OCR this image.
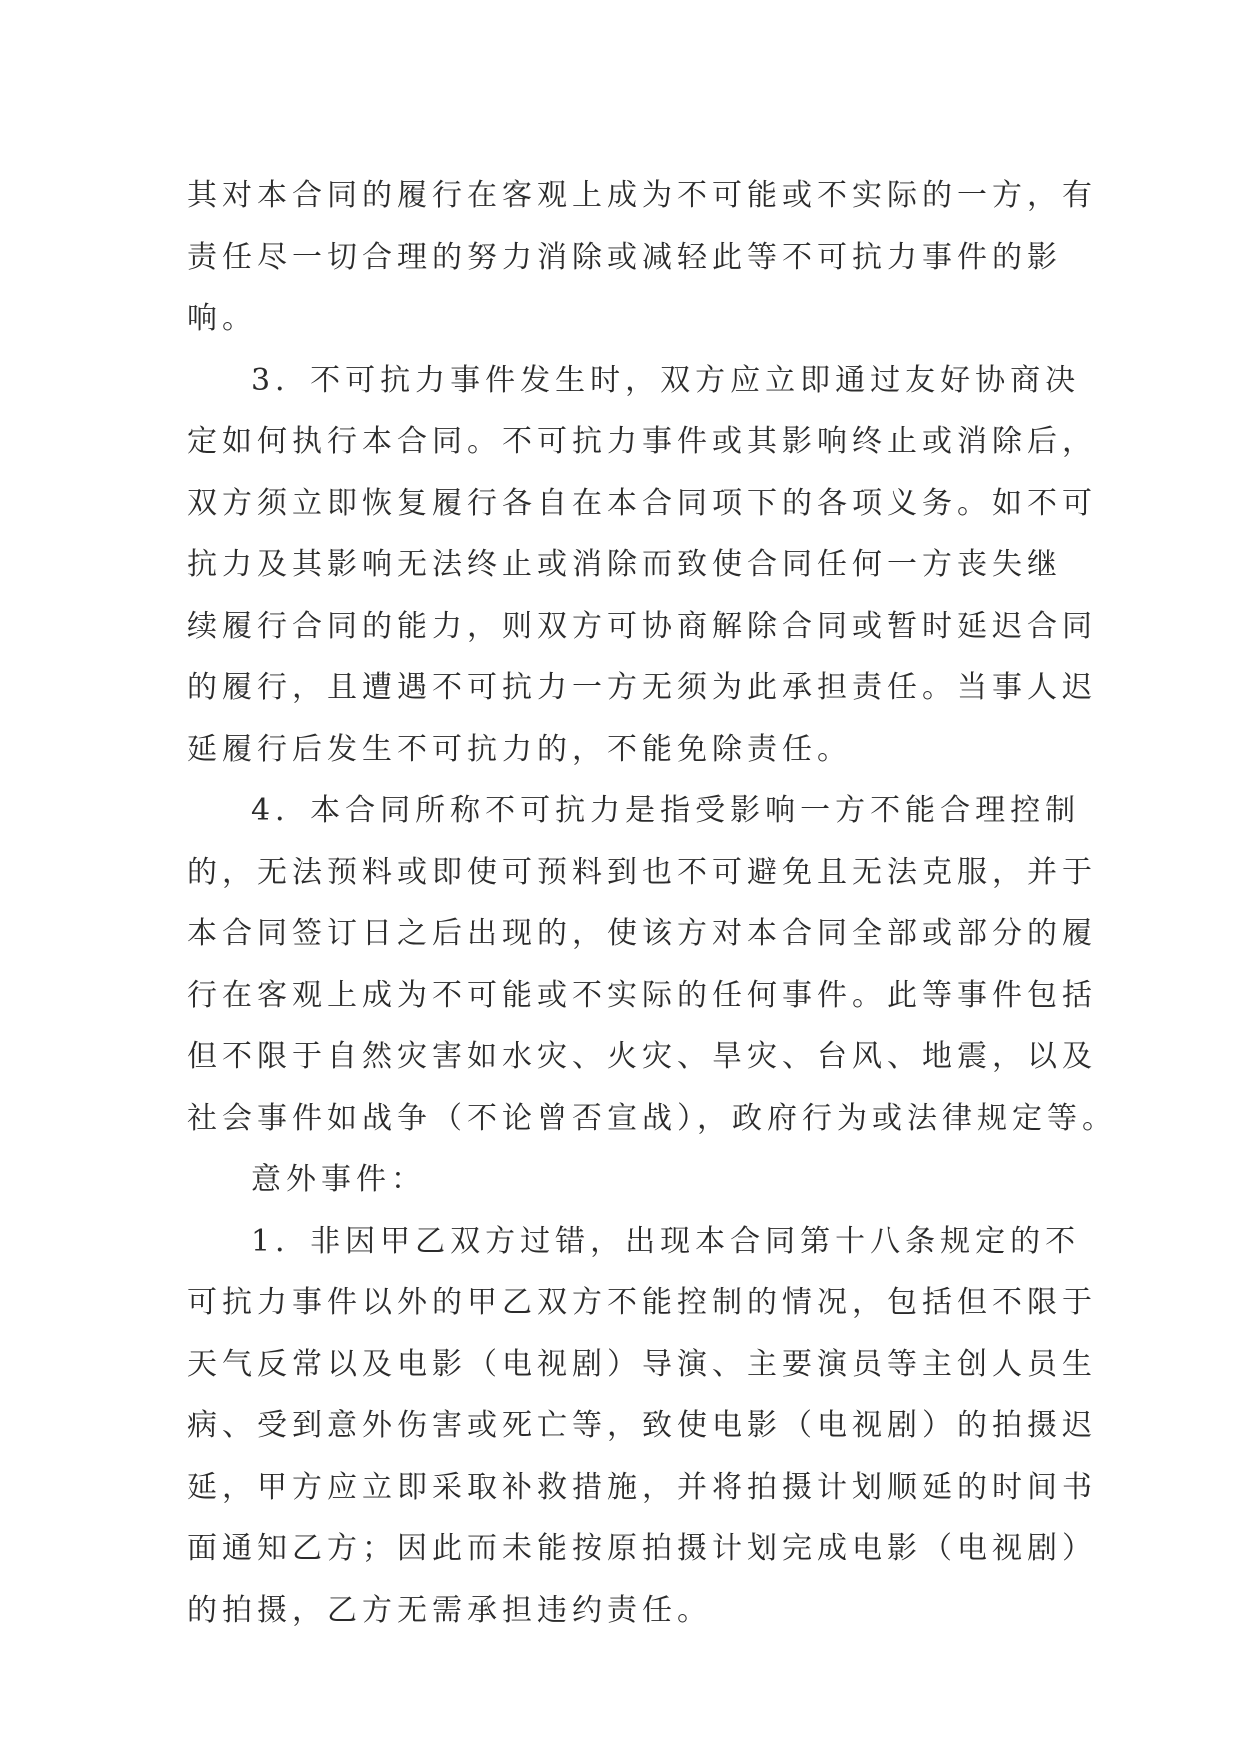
其对本合同的履行在客观上成为不可能或不实际的一方，有
责任尽一切合理的努力消除或减轻此等不可抗力事件的影
响。
3．不可抗力事件发生时，双方应立即通过友好协商决
定如何执行本合同。不可抗力事件或其影响终止或消除后，
双方须立即恢复履行各自在本合同项下的各项义务。如不可
抗力及其影响无法终止或消除而致使合同任何一方丧失继
续履行合同的能力，则双方可协商解除合同或暂时延迟合同
的履行，且遭遇不可抗力一方无须为此承担责任。当事人迟
延履行后发生不可抗力的，不能免除责任。
4．本合同所称不可抗力是指受影响一方不能合理控制
的，无法预料或即使可预料到也不可避免且无法克服，并于
本合同签订日之后出现的，使该方对本合同全部或部分的履
行在客观上成为不可能或不实际的任何事件。此等事件包括
但不限于自然灾害如水灾、火灾、旱灾、台风、地震，以及
社会事件如战争（不论曾否宣战），政府行为或法律规定等。
意外事件：
1．非因甲乙双方过错，出现本合同第十八条规定的不
可抗力事件以外的甲乙双方不能控制的情况，包括但不限于
天气反常以及电影（电视剧）导演、主要演员等主创人员生
病、受到意外伤害或死亡等，致使电影（电视剧）的拍摄迟
延，甲方应立即采取补救措施，并将拍摄计划顺延的时间书
面通知乙方；因此而未能按原拍摄计划完成电影（电视剧）
的拍摄，乙方无需承担违约责任。
